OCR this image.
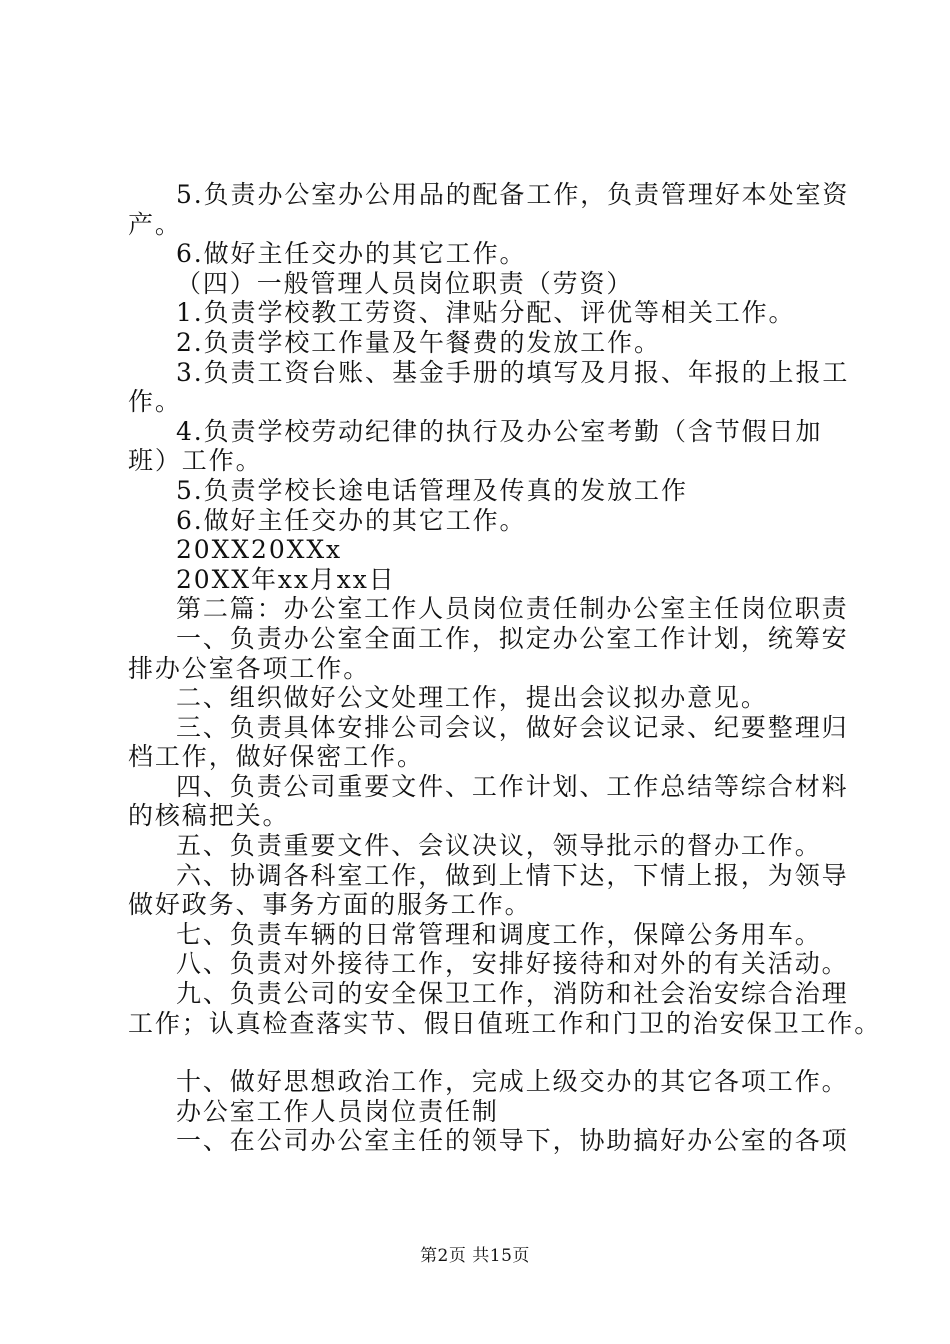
5.负责办公室办公用品的配备工作，负责管理好本处室资
产。
6.做好主任交办的其它工作。
（四）一般管理人员岗位职责（劳资）
1.负责学校教工劳资、津贴分配、评优等相关工作。
2.负责学校工作量及午餐费的发放工作。
3.负责工资台账、基金手册的填写及月报、年报的上报工
作。
4.负责学校劳动纪律的执行及办公室考勤（含节假日加
班）工作。
5.负责学校长途电话管理及传真的发放工作
6.做好主任交办的其它工作。
20XX20XXx
20XX年xx月xx日
第二篇：办公室工作人员岗位责任制办公室主任岗位职责
一、负责办公室全面工作，拟定办公室工作计划，统筹安
排办公室各项工作。
二、组织做好公文处理工作，提出会议拟办意见。
三、负责具体安排公司会议，做好会议记录、纪要整理归
档工作，做好保密工作。
四、负责公司重要文件、工作计划、工作总结等综合材料
的核稿把关。
五、负责重要文件、会议决议，领导批示的督办工作。
六、协调各科室工作，做到上情下达，下情上报，为领导
做好政务、事务方面的服务工作。
七、负责车辆的日常管理和调度工作，保障公务用车。
八、负责对外接待工作，安排好接待和对外的有关活动。
九、负责公司的安全保卫工作，消防和社会治安综合治理
工作；认真检查落实节、假日值班工作和门卫的治安保卫工作。
十、做好思想政治工作，完成上级交办的其它各项工作。
办公室工作人员岗位责任制
一、在公司办公室主任的领导下，协助搞好办公室的各项
第2页 共15页
